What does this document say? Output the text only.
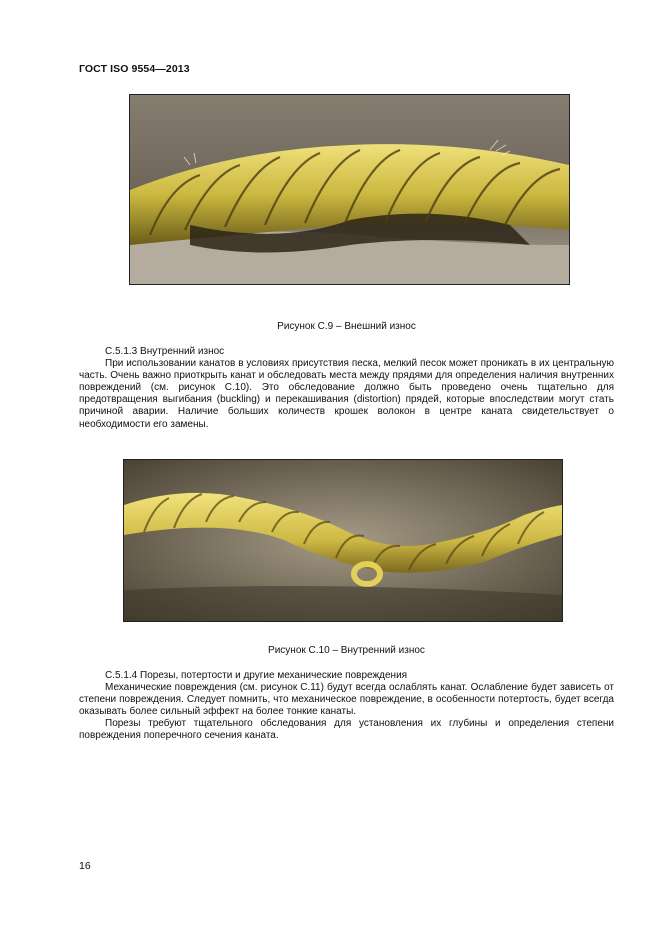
ГОСТ ISO 9554—2013
Рисунок С.9 – Внешний износ

С.5.1.3 Внутренний износ

При использовании канатов в условиях присутствия песка, мелкий песок может проникать в их центральную часть. Очень важно приоткрыть канат и обследовать места между прядями для определения наличия внутренних повреждений (см. рисунок С.10). Это обследование должно быть проведено очень тщательно для предотвращения выгибания (buckling) и перекашивания (distortion) прядей, которые впоследствии могут стать причиной аварии. Наличие больших количеств крошек волокон в центре каната свидетельствует о необходимости его замены.

Рисунок С.10 – Внутренний износ

С.5.1.4 Порезы, потертости и другие механические повреждения

Механические повреждения (см. рисунок С.11) будут всегда ослаблять канат. Ослабление будет зависеть от степени повреждения. Следует помнить, что механическое повреждение, в особенности потертость, будет всегда оказывать более сильный эффект на более тонкие канаты.

Порезы требуют тщательного обследования для установления их глубины и определения степени повреждения поперечного сечения каната.

16
